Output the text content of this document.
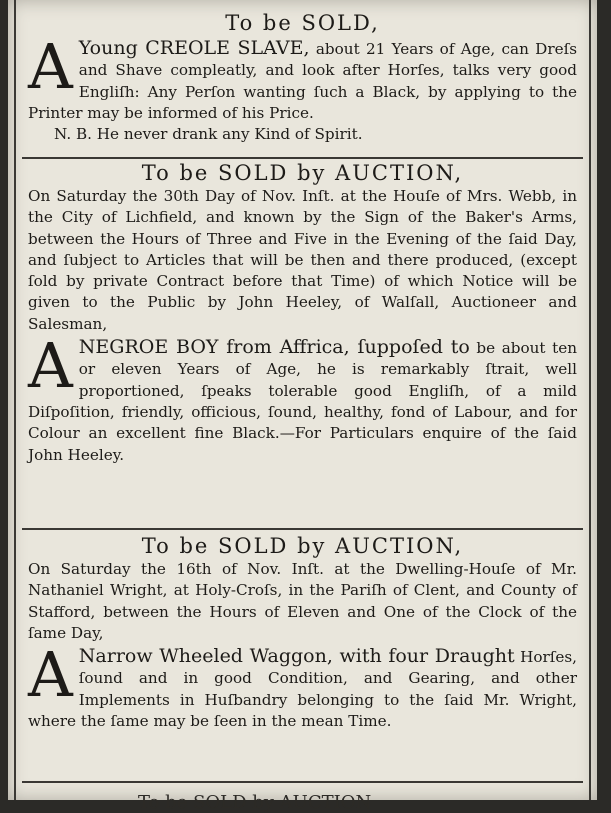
To be SOLD,

A Young CREOLE SLAVE, about 21 Years of Age, can Dreſs and Shave compleatly, and look after Horſes, talks very good Engliſh: Any Perſon wanting ſuch a Black, by applying to the Printer may be informed of his Price.

N. B. He never drank any Kind of Spirit.

To be SOLD by AUCTION,

On Saturday the 30th Day of Nov. Inſt. at the Houſe of Mrs. Webb, in the City of Lichfield, and known by the Sign of the Baker's Arms, between the Hours of Three and Five in the Evening of the ſaid Day, and ſubject to Articles that will be then and there produced, (except ſold by private Contract before that Time) of which Notice will be given to the Public by John Heeley, of Walſall, Auctioneer and Salesman,

A NEGROE BOY from Affrica, ſuppoſed to be about ten or eleven Years of Age, he is remarkably ſtrait, well proportioned, ſpeaks tolerable good Engliſh, of a mild Diſpoſition, friendly, officious, ſound, healthy, fond of Labour, and for Colour an excellent fine Black.—For Particulars enquire of the ſaid John Heeley.

To be SOLD by AUCTION,

On Saturday the 16th of Nov. Inſt. at the Dwelling-Houſe of Mr. Nathaniel Wright, at Holy-Croſs, in the Pariſh of Clent, and County of Stafford, between the Hours of Eleven and One of the Clock of the ſame Day,

A Narrow Wheeled Waggon, with four Draught Horſes, ſound and in good Condition, and Gearing, and other Implements in Huſbandry belonging to the ſaid Mr. Wright, where the ſame may be ſeen in the mean Time.

To be SOLD by AUCTION
